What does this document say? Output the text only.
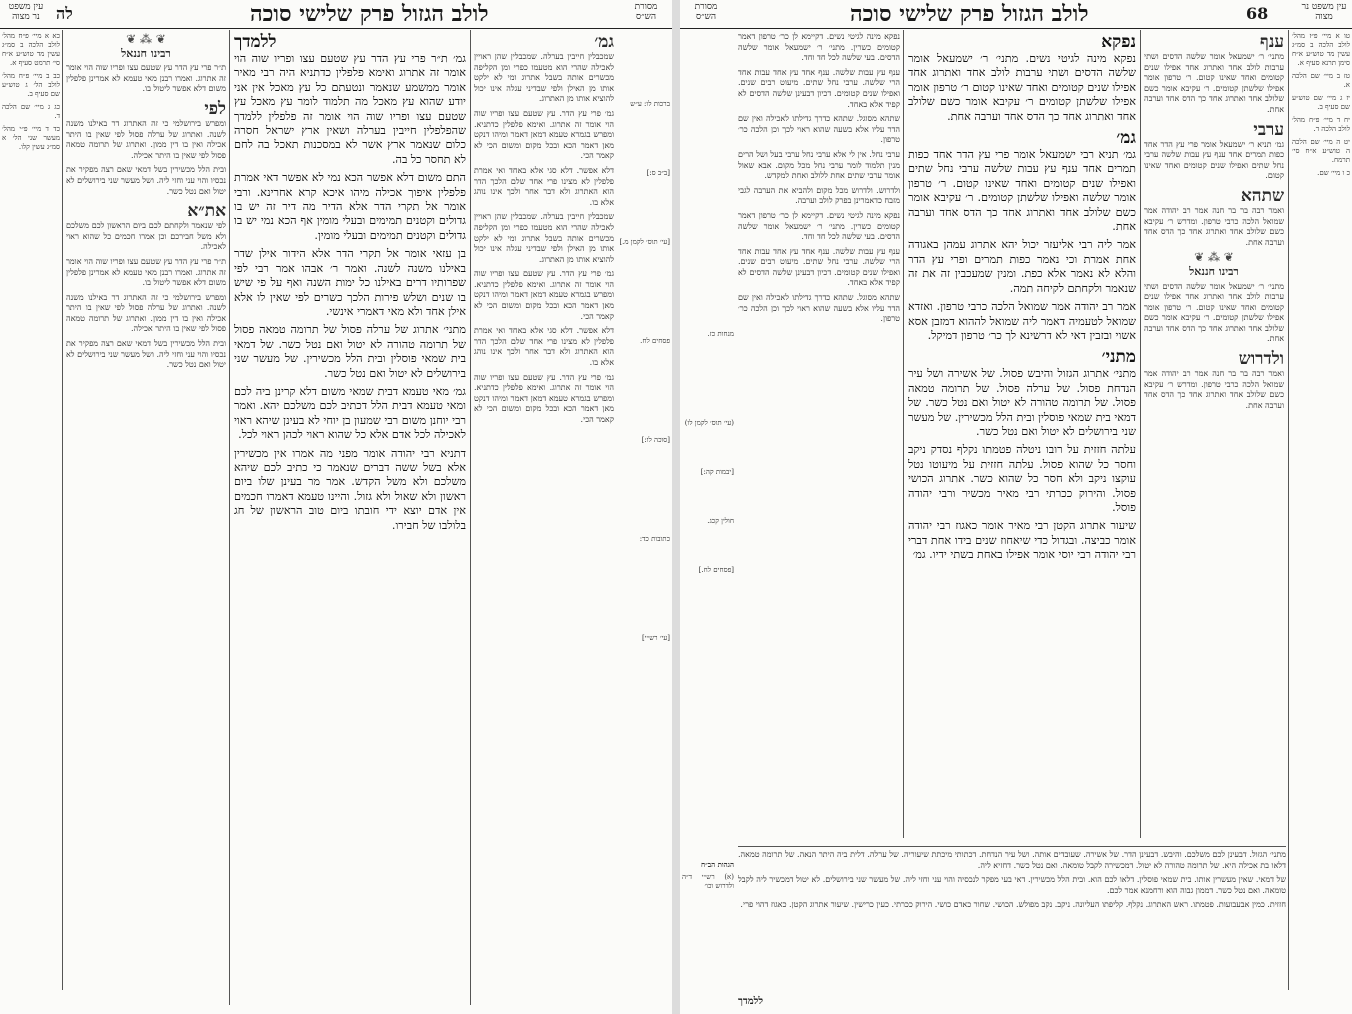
עין משפט נר מצוה	לה	לולב הגזול פרק שלישי סוכה	מסורת הש״ס

כא א מיי׳ פ״ח מהל׳ לולב הלכה ב סמ״ג עשין מד טוש״ע א״ח סי׳ תרמט סעיף א.

כב ב מיי׳ פ״ח מהל׳ לולב הל׳ ג טוש״ע שם סעיף ב.

כג ג מיי׳ שם הלכה ד.

כד ד מיי׳ פ״י מהל׳ מעשר שני הל׳ א סמ״ג עשין קלו.

❦ ⁂ ❦
רבינו חננאל

ת״ר פרי עץ הדר עץ שטעם עצו ופריו שוה הוי אומר זה אתרוג. ואמרו רבנן מאי טעמא לא אמרינן פלפלין משום דלא אפשר ליטול בו.

לפי

ומפרש בירושלמי כי זה האתרוג דר באילנו משנה לשנה. ואתרוג של ערלה פסול לפי שאין בו היתר אכילה ואין בו דין ממון. ואתרוג של תרומה טמאה פסול לפי שאין בו היתר אכילה.

ובית הלל מכשירין בשל דמאי שאם רצה מפקיר את נכסיו והוי עני וחזי ליה. ושל מעשר שני בירושלים לא יטול ואם נטל כשר.

את״א

לפי שנאמר ולקחתם לכם ביום הראשון לכם משלכם ולא משל חבירכם וכן אמרו חכמים כל שהוא ראוי לאכילה.

ת״ר פרי עץ הדר עץ שטעם עצו ופריו שוה הוי אומר זה אתרוג. ואמרו רבנן מאי טעמא לא אמרינן פלפלין משום דלא אפשר ליטול בו.

ומפרש בירושלמי כי זה האתרוג דר באילנו משנה לשנה. ואתרוג של ערלה פסול לפי שאין בו היתר אכילה ואין בו דין ממון. ואתרוג של תרומה טמאה פסול לפי שאין בו היתר אכילה.

ובית הלל מכשירין בשל דמאי שאם רצה מפקיר את נכסיו והוי עני וחזי ליה. ושל מעשר שני בירושלים לא יטול ואם נטל כשר.

ללמדך

גמ׳ ת״ר פרי עץ הדר עץ שטעם עצו ופריו שוה הוי אומר זה אתרוג ואימא פלפלין כדתניא היה רבי מאיר אומר ממשמע שנאמר ונטעתם כל עץ מאכל אין אני יודע שהוא עץ מאכל מה תלמוד לומר עץ מאכל עץ שטעם עצו ופריו שוה הוי אומר זה פלפלין ללמדך שהפלפלין חייבין בערלה ושאין ארץ ישראל חסרה כלום שנאמר ארץ אשר לא במסכנות תאכל בה לחם לא תחסר כל בה.

התם משום דלא אפשר הכא נמי לא אפשר דאי אמרת פלפלין איפוך אכילה מיהו איכא קרא אחרינא. ורבי אומר אל תקרי הדר אלא הדיר מה דיר זה יש בו גדולים וקטנים תמימים ובעלי מומין אף הכא נמי יש בו גדולים וקטנים תמימים ובעלי מומין.

בן עזאי אומר אל תקרי הדר אלא הידור אילן שדר באילנו משנה לשנה. ואמר ר׳ אבהו אמר רבי לפי שפרותיו דרים באילנו כל ימות השנה ואף על פי שיש בו שנים ושלש פירות הלכך כשרים לפי שאין לו אלא אילן אחד ולא מאי דאמרי אינשי.

מתני׳ אתרוג של ערלה פסול של תרומה טמאה פסול של תרומה טהורה לא יטול ואם נטל כשר. של דמאי בית שמאי פוסלין ובית הלל מכשירין. של מעשר שני בירושלים לא יטול ואם נטל כשר.

גמ׳ מאי טעמא דבית שמאי משום דלא קרינן ביה לכם ומאי טעמא דבית הלל דכתיב לכם משלכם יהא. ואמר רבי יוחנן משום רבי שמעון בן יוחי לא בעינן שיהא ראוי לאכילה לכל אדם אלא כל שהוא ראוי לכהן ראוי לכל.

דתניא רבי יהודה אומר מפני מה אמרו אין מכשירין אלא בשל ששה דברים שנאמר כי כתיב לכם שיהא משלכם ולא משל הקדש. אמר מר בעינן שלו ביום ראשון ולא שאול ולא גזול. והיינו טעמא דאמרו חכמים אין אדם יוצא ידי חובתו ביום טוב הראשון של חג בלולבו של חבירו.

גמ׳

שמכבלין חייבין בערלה. שמכבלין שהן ראויין לאכילה שהרי הוא מטעמו כפרי ומן הקליפה מכשרים אותה בשבל אתרוג ומי לא ילקט אותו מן האילן ולפי שבדיני עגלה אינו יכול להוציא אותו מן האתרוג.

גמ׳ פרי עץ הדר. עץ שטעם עצו ופריו שוה הוי אומר זה אתרוג. ואימא פלפלין כדתניא. ומפרש בגמרא טעמא דמאן דאמר ומיהו דנקט מאן דאמר הכא ובכל מקום ומשום הכי לא קאמר הכי.

דלא אפשר. דלא סגי אלא באחד ואי אמרת פלפלין לא מצינו פרי אחד שלם הלכך הדר הוא האתרוג ולא דבר אחר ולכך אינו נוהג אלא בו.

שמכבלין חייבין בערלה. שמכבלין שהן ראויין לאכילה שהרי הוא מטעמו כפרי ומן הקליפה מכשרים אותה בשבל אתרוג ומי לא ילקט אותו מן האילן ולפי שבדיני עגלה אינו יכול להוציא אותו מן האתרוג.

גמ׳ פרי עץ הדר. עץ שטעם עצו ופריו שוה הוי אומר זה אתרוג. ואימא פלפלין כדתניא. ומפרש בגמרא טעמא דמאן דאמר ומיהו דנקט מאן דאמר הכא ובכל מקום ומשום הכי לא קאמר הכי.

דלא אפשר. דלא סגי אלא באחד ואי אמרת פלפלין לא מצינו פרי אחד שלם הלכך הדר הוא האתרוג ולא דבר אחר ולכך אינו נוהג אלא בו.

גמ׳ פרי עץ הדר. עץ שטעם עצו ופריו שוה הוי אומר זה אתרוג. ואימא פלפלין כדתניא. ומפרש בגמרא טעמא דמאן דאמר ומיהו דנקט מאן דאמר הכא ובכל מקום ומשום הכי לא קאמר הכי.

ברכות לו: ע״ש

[ב״ב ס:]

[עי׳ תוס׳ לקמן מ.]

פסחים לח.

[סוכה לו:]

כתובות כד:

[עי׳ רש״י]

מסורת הש״ס	לולב הגזול פרק שלישי סוכה	68	עין משפט נר מצוה

מנחות כז.

(עי׳ תוס׳ לקמן לו)

[יבמות קה:]

חולין קכג.

[פסחים לח.]

הגהות הב״ח

(א) רש״י ד״ה ולדרוש וכו׳

נפקא מינה לגיטי נשים. דקיימא לן כר׳ טרפון דאמר קטומים כשרין. מתני׳ ר׳ ישמעאל אומר שלשה הדסים. בעי שלשה לכל חד וחד.

ענף עץ עבות שלשה. ענף אחד עץ אחד עבות אחד הרי שלשה. ערבי נחל שתים. מיעוט רבים שנים. ואפילו שנים קטומים. דכיון דבעינן שלשה הדסים לא קפיד אלא באחד.

שתהא מסוגל. שתהא כדרך גדילתו לאכילה ואין שם הדר עליו אלא בשעה שהוא ראוי לכך וכן הלכה כר׳ טרפון.

ערבי נחל. אין לי אלא ערבי נחל ערבי בעל ושל הרים מנין תלמוד לומר ערבי נחל מכל מקום. אבא שאול אומר ערבי שתים אחת ללולב ואחת למקדש.

ולדרוש. ולדרוש מכל מקום ולהביא את הערבה לגבי מזבח כדאמרינן בפרק לולב וערבה.

נפקא מינה לגיטי נשים. דקיימא לן כר׳ טרפון דאמר קטומים כשרין. מתני׳ ר׳ ישמעאל אומר שלשה הדסים. בעי שלשה לכל חד וחד.

ענף עץ עבות שלשה. ענף אחד עץ אחד עבות אחד הרי שלשה. ערבי נחל שתים. מיעוט רבים שנים. ואפילו שנים קטומים. דכיון דבעינן שלשה הדסים לא קפיד אלא באחד.

שתהא מסוגל. שתהא כדרך גדילתו לאכילה ואין שם הדר עליו אלא בשעה שהוא ראוי לכך וכן הלכה כר׳ טרפון.

נפקא

נפקא מינה לגיטי נשים. מתני׳ ר׳ ישמעאל אומר שלשה הדסים ושתי ערבות לולב אחד ואתרוג אחד אפילו שנים קטומים ואחד שאינו קטום ר׳ טרפון אומר אפילו שלשתן קטומים ר׳ עקיבא אומר כשם שלולב אחד ואתרוג אחד כך הדס אחד וערבה אחת.

גמ׳

גמ׳ תניא רבי ישמעאל אומר פרי עץ הדר אחד כפות תמרים אחד ענף עץ עבות שלשה ערבי נחל שתים ואפילו שנים קטומים ואחד שאינו קטום. ר׳ טרפון אומר שלשה ואפילו שלשתן קטומים. ר׳ עקיבא אומר כשם שלולב אחד ואתרוג אחד כך הדס אחד וערבה אחת.

אמר ליה רבי אליעזר יכול יהא אתרוג עמהן באגודה אחת אמרת וכי נאמר כפות תמרים ופרי עץ הדר והלא לא נאמר אלא כפת. ומנין שמעכבין זה את זה שנאמר ולקחתם לקיחה תמה.

אמר רב יהודה אמר שמואל הלכה כרבי טרפון. ואזדא שמואל לטעמיה דאמר ליה שמואל לההוא דמזבן אסא אשוי ובזבין דאי לא דרשינא לך כר׳ טרפון דמיקל.

מתני׳

מתני׳ אתרוג הגזול והיבש פסול. של אשירה ושל עיר הנדחת פסול. של ערלה פסול. של תרומה טמאה פסול. של תרומה טהורה לא יטול ואם נטל כשר. של דמאי בית שמאי פוסלין ובית הלל מכשירין. של מעשר שני בירושלים לא יטול ואם נטל כשר.

עלתה חזזית על רובו ניטלה פטמתו נקלף נסדק ניקב וחסר כל שהוא פסול. עלתה חזזית על מיעוטו נטל עוקצו ניקב ולא חסר כל שהוא כשר. אתרוג הכושי פסול. והירוק ככרתי רבי מאיר מכשיר ורבי יהודה פוסל.

שיעור אתרוג הקטן רבי מאיר אומר כאגוז רבי יהודה אומר כביצה. ובגדול כדי שיאחוז שנים בידו אחת דברי רבי יהודה רבי יוסי אומר אפילו באחת בשתי ידיו. גמ׳

ענף

מתני׳ ר׳ ישמעאל אומר שלשה הדסים ושתי ערבות לולב אחד ואתרוג אחד אפילו שנים קטומים ואחד שאינו קטום. ר׳ טרפון אומר אפילו שלשתן קטומים. ר׳ עקיבא אומר כשם שלולב אחד ואתרוג אחד כך הדס אחד וערבה אחת.

ערבי

גמ׳ תניא ר׳ ישמעאל אומר פרי עץ הדר אחד כפות תמרים אחד ענף עץ עבות שלשה ערבי נחל שתים ואפילו שנים קטומים ואחד שאינו קטום.

שתהא

ואמר רבה בר בר חנה אמר רב יהודה אמר שמואל הלכה כרבי טרפון. ומדרש ר׳ עקיבא כשם שלולב אחד ואתרוג אחד כך הדס אחד וערבה אחת.

❦ ⁂ ❦
רבינו חננאל

מתני׳ ר׳ ישמעאל אומר שלשה הדסים ושתי ערבות לולב אחד ואתרוג אחד אפילו שנים קטומים ואחד שאינו קטום. ר׳ טרפון אומר אפילו שלשתן קטומים. ר׳ עקיבא אומר כשם שלולב אחד ואתרוג אחד כך הדס אחד וערבה אחת.

ולדרוש

ואמר רבה בר בר חנה אמר רב יהודה אמר שמואל הלכה כרבי טרפון. ומדרש ר׳ עקיבא כשם שלולב אחד ואתרוג אחד כך הדס אחד וערבה אחת.

טו א מיי׳ פ״ז מהל׳ לולב הלכה ב סמ״ג עשין מד טוש״ע א״ח סימן תרנא סעיף א.

טז ב מיי׳ שם הלכה א.

יז ג מיי׳ שם טוש״ע שם סעיף ב.

יח ד מיי׳ פ״ח מהל׳ לולב הלכה ד.

יט ה מיי׳ שם הלכה ה טוש״ע א״ח סי׳ תרמח.

כ ו מיי׳ שם.

מתני׳ הגזול. דבעינן לכם משלכם. והיבש. דבעינן הדר. של אשירה. שעובדים אותה. ושל עיר הנדחת. דכתותי מיכתת שיעוריה. של ערלה. דלית ביה היתר הנאה. של תרומה טמאה. דלאו בת אכילה היא. של תרומה טהורה לא יטול. דמכשירה לקבל טומאה. ואם נטל כשר. דחזיא ליה.

של דמאי. שאין מעשרין אותו. בית שמאי פוסלין. דלאו לכם הוא. ובית הלל מכשירין. דאי בעי מפקר לנכסיה והוי עני וחזי ליה. של מעשר שני בירושלים. לא יטול דמכשיר ליה לקבל טומאה. ואם נטל כשר. דממון גבוה הוא ורחמנא אמר לכם.

חזזית. כמין אבעבועות. פטמתו. ראש האתרוג. נקלף. קליפתו העליונה. ניקב. נקב מפולש. הכושי. שחור כאדם כושי. הירוק ככרתי. כעין כרישין. שיעור אתרוג הקטן. כאגוז דהוי פרי.

ללמדך
